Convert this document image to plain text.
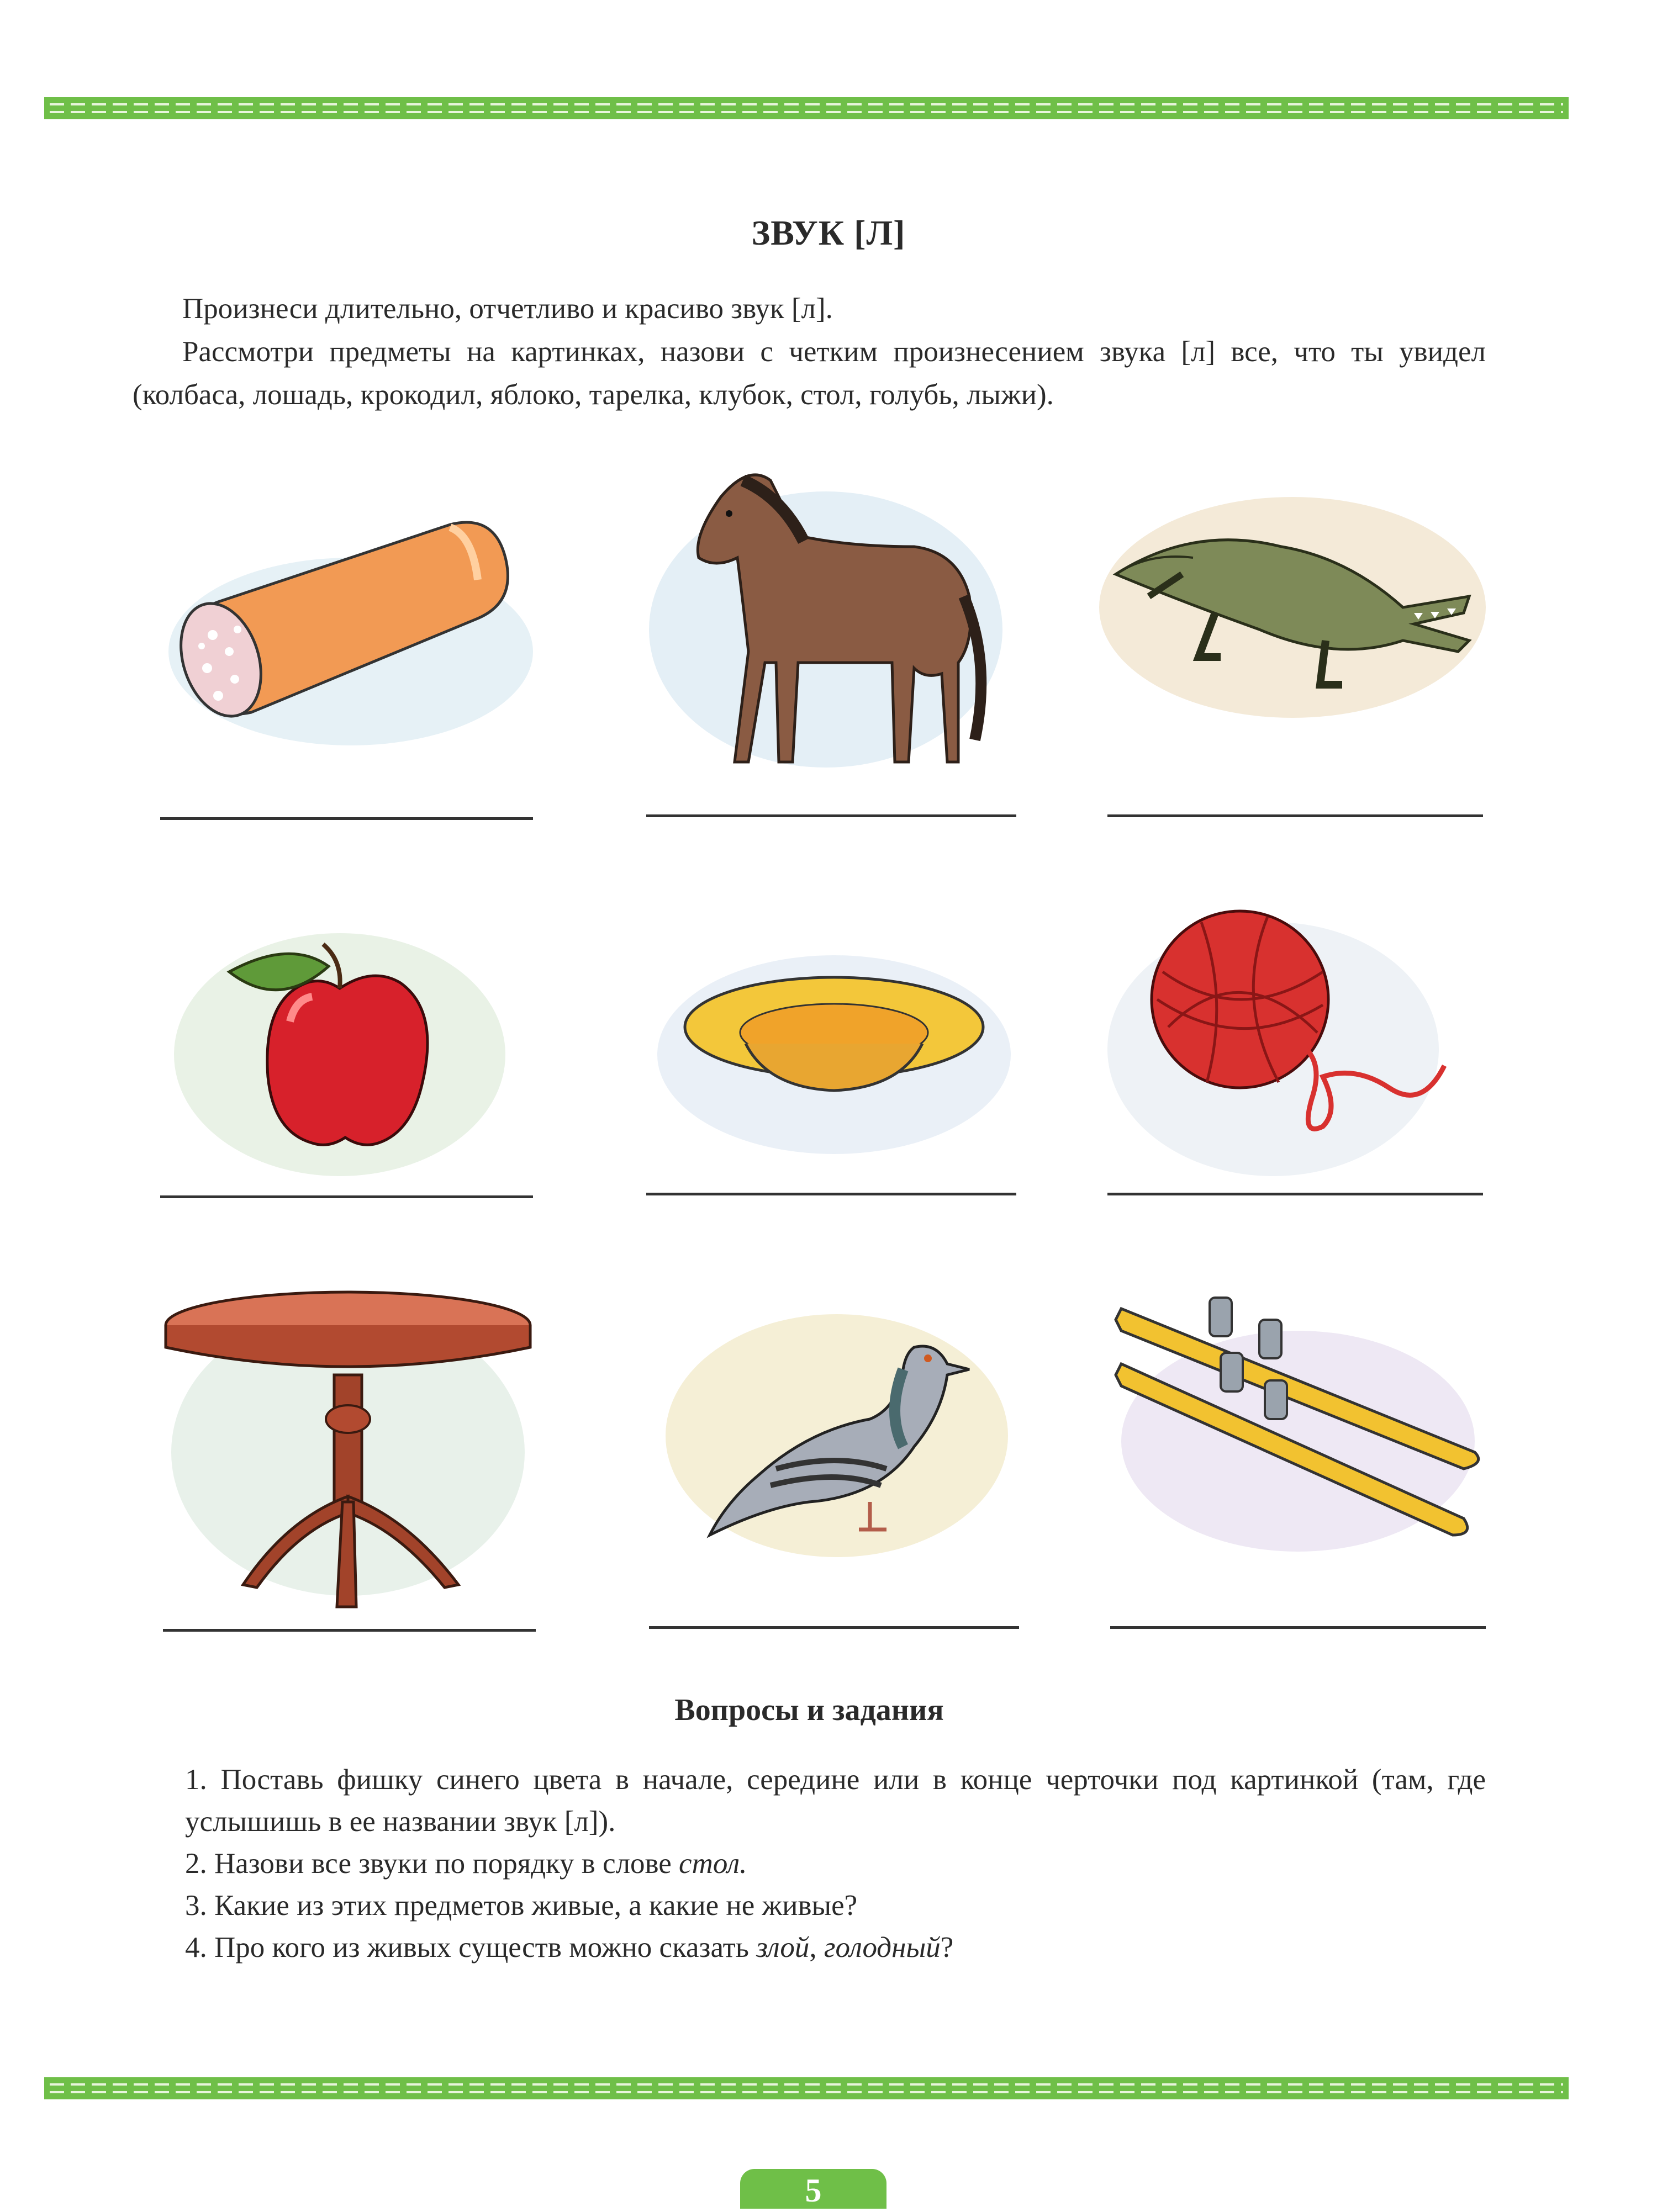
ЗВУК [Л]

Произнеси длительно, отчетливо и красиво звук [л].

Рассмотри предметы на картинках, назови с четким произнесением звука [л] все, что ты увидел (колбаса, лошадь, крокодил, яблоко, тарелка, клубок, стол, голубь, лыжи).

Вопросы и задания
1. Поставь фишку синего цвета в начале, середине или в конце черточки под картинкой (там, где услышишь в ее названии звук [л]).
2. Назови все звуки по порядку в слове стол.
3. Какие из этих предметов живые, а какие не живые?
4. Про кого из живых существ можно сказать злой, голодный?
5
